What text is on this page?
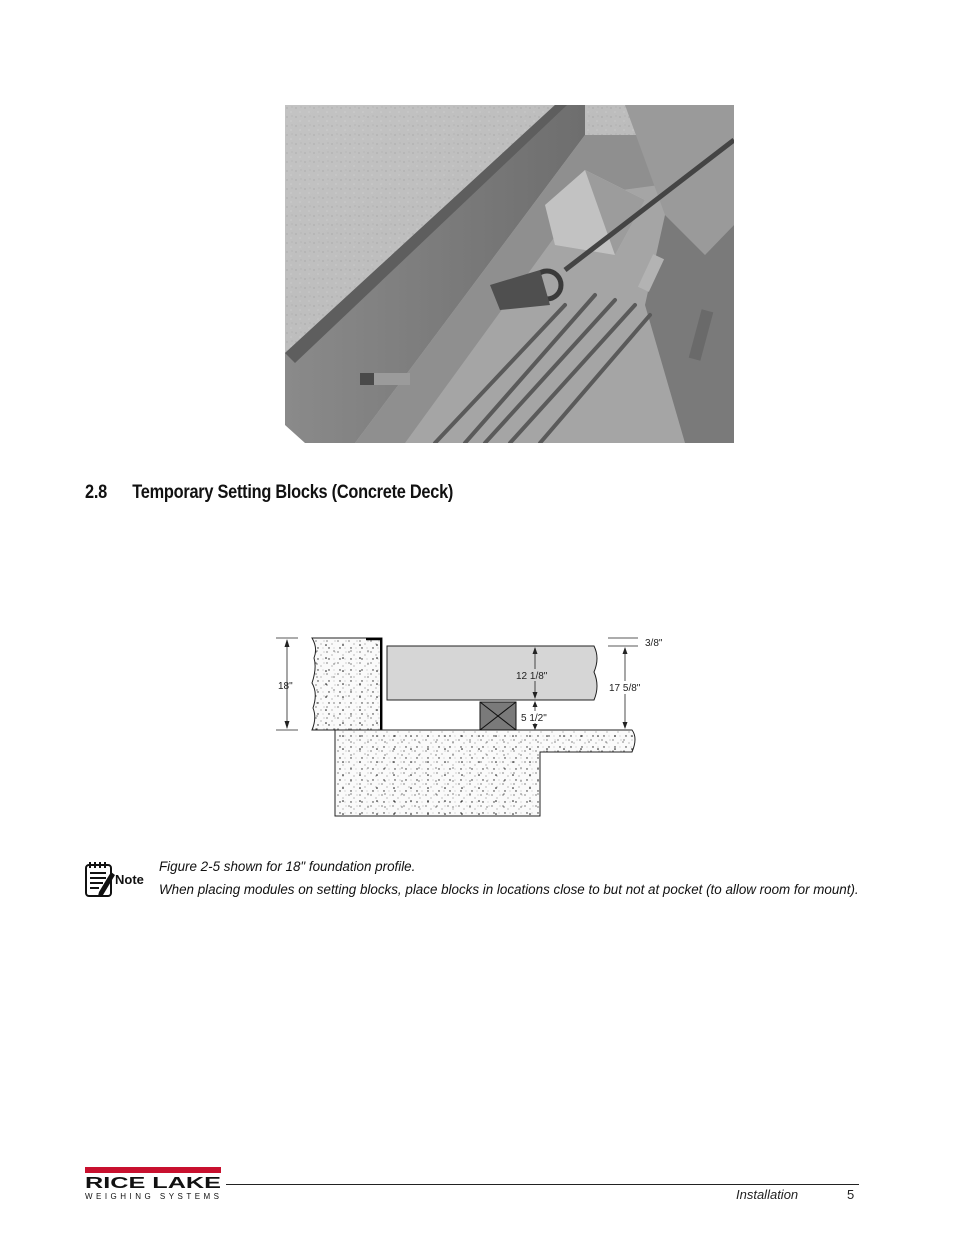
2.8 Temporary Setting Blocks (Concrete Deck)
18"
12 1/8"
5 1/2"
3/8"
17 5/8"
Note

Figure 2-5 shown for 18" foundation profile.

When placing modules on setting blocks, place blocks in locations close to but not at pocket (to allow room for mount).

RICE LAKE
WEIGHING SYSTEMS	Installation	5
